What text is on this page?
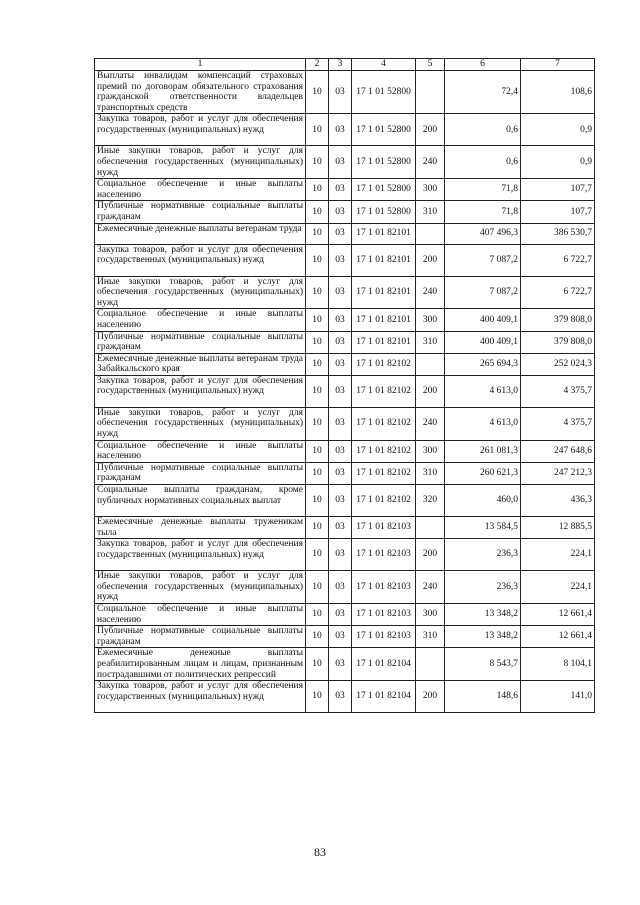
1	2	3	4	5	6	7
Выплаты инвалидам компенсаций страховых премий по договорам обязательного страхования гражданской ответственности владельцев транспортных средств	10	03	17 1 01 52800		72,4	108,6
Закупка товаров, работ и услуг для обеспечения государственных (муниципальных) нужд	10	03	17 1 01 52800	200	0,6	0,9
Иные закупки товаров, работ и услуг для обеспечения государственных (муниципальных) нужд	10	03	17 1 01 52800	240	0,6	0,9
Социальное обеспечение и иные выплаты населению	10	03	17 1 01 52800	300	71,8	107,7
Публичные нормативные социальные выплаты гражданам	10	03	17 1 01 52800	310	71,8	107,7
Ежемесячные денежные выплаты ветеранам труда	10	03	17 1 01 82101		407 496,3	386 530,7
Закупка товаров, работ и услуг для обеспечения государственных (муниципальных) нужд	10	03	17 1 01 82101	200	7 087,2	6 722,7
Иные закупки товаров, работ и услуг для обеспечения государственных (муниципальных) нужд	10	03	17 1 01 82101	240	7 087,2	6 722,7
Социальное обеспечение и иные выплаты населению	10	03	17 1 01 82101	300	400 409,1	379 808,0
Публичные нормативные социальные выплаты гражданам	10	03	17 1 01 82101	310	400 409,1	379 808,0
Ежемесячные денежные выплаты ветеранам труда Забайкальского края	10	03	17 1 01 82102		265 694,3	252 024,3
Закупка товаров, работ и услуг для обеспечения государственных (муниципальных) нужд	10	03	17 1 01 82102	200	4 613,0	4 375,7
Иные закупки товаров, работ и услуг для обеспечения государственных (муниципальных) нужд	10	03	17 1 01 82102	240	4 613,0	4 375,7
Социальное обеспечение и иные выплаты населению	10	03	17 1 01 82102	300	261 081,3	247 648,6
Публичные нормативные социальные выплаты гражданам	10	03	17 1 01 82102	310	260 621,3	247 212,3
Социальные выплаты гражданам, кроме публичных нормативных социальных выплат	10	03	17 1 01 82102	320	460,0	436,3
Ежемесячные денежные выплаты труженикам тыла	10	03	17 1 01 82103		13 584,5	12 885,5
Закупка товаров, работ и услуг для обеспечения государственных (муниципальных) нужд	10	03	17 1 01 82103	200	236,3	224,1
Иные закупки товаров, работ и услуг для обеспечения государственных (муниципальных) нужд	10	03	17 1 01 82103	240	236,3	224,1
Социальное обеспечение и иные выплаты населению	10	03	17 1 01 82103	300	13 348,2	12 661,4
Публичные нормативные социальные выплаты гражданам	10	03	17 1 01 82103	310	13 348,2	12 661,4
Ежемесячные денежные выплаты реабилитированным лицам и лицам, признанным пострадавшими от политических репрессий	10	03	17 1 01 82104		8 543,7	8 104,1
Закупка товаров, работ и услуг для обеспечения государственных (муниципальных) нужд	10	03	17 1 01 82104	200	148,6	141,0
83
